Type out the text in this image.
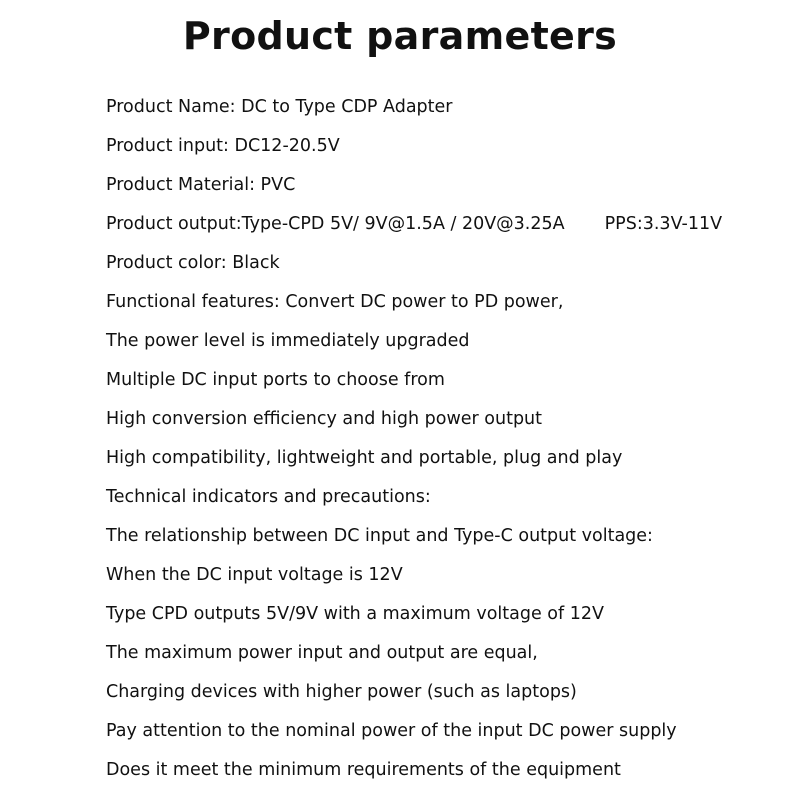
Product parameters
Product Name: DC to Type CDP Adapter
Product input: DC12-20.5V
Product Material: PVC
Product output:Type-CPD 5V/ 9V@1.5A / 20V@3.25A PPS:3.3V-11V
Product color: Black
Functional features: Convert DC power to PD power,
The power level is immediately upgraded
Multiple DC input ports to choose from
High conversion efficiency and high power output
High compatibility, lightweight and portable, plug and play
Technical indicators and precautions:
The relationship between DC input and Type-C output voltage:
When the DC input voltage is 12V
Type CPD outputs 5V/9V with a maximum voltage of 12V
The maximum power input and output are equal,
Charging devices with higher power (such as laptops)
Pay attention to the nominal power of the input DC power supply
Does it meet the minimum requirements of the equipment
